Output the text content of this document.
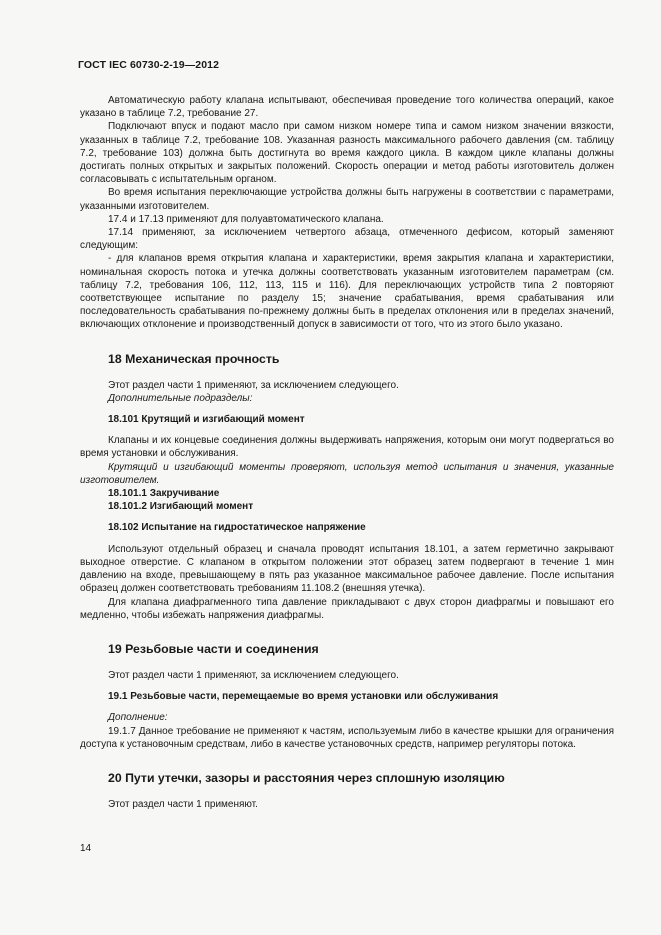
ГОСТ IEC 60730-2-19—2012

Автоматическую работу клапана испытывают, обеспечивая проведение того количества операций, какое указано в таблице 7.2, требование 27.

Подключают впуск и подают масло при самом низком номере типа и самом низком значении вязкости, указанных в таблице 7.2, требование 108. Указанная разность максимального рабочего давления (см. таблицу 7.2, требование 103) должна быть достигнута во время каждого цикла. В каждом цикле клапаны должны достигать полных открытых и закрытых положений. Скорость операции и метод работы изготовитель должен согласовывать с испытательным органом.

Во время испытания переключающие устройства должны быть нагружены в соответствии с параметрами, указанными изготовителем.

17.4 и 17.13 применяют для полуавтоматического клапана.

17.14 применяют, за исключением четвертого абзаца, отмеченного дефисом, который заменяют следующим:

- для клапанов время открытия клапана и характеристики, время закрытия клапана и характеристики, номинальная скорость потока и утечка должны соответствовать указанным изготовителем параметрам (см. таблицу 7.2, требования 106, 112, 113, 115 и 116). Для переключающих устройств типа 2 повторяют соответствующее испытание по разделу 15; значение срабатывания, время срабатывания или последовательность срабатывания по-прежнему должны быть в пределах отклонения или в пределах значений, включающих отклонение и производственный допуск в зависимости от того, что из этого было указано.

18 Механическая прочность

Этот раздел части 1 применяют, за исключением следующего.

Дополнительные подразделы:

18.101 Крутящий и изгибающий момент

Клапаны и их концевые соединения должны выдерживать напряжения, которым они могут подвергаться во время установки и обслуживания.

Крутящий и изгибающий моменты проверяют, используя метод испытания и значения, указанные изготовителем.

18.101.1 Закручивание
18.101.2 Изгибающий момент
18.102 Испытание на гидростатическое напряжение

Используют отдельный образец и сначала проводят испытания 18.101, а затем герметично закрывают выходное отверстие. С клапаном в открытом положении этот образец затем подвергают в течение 1 мин давлению на входе, превышающему в пять раз указанное максимальное рабочее давление. После испытания образец должен соответствовать требованиям 11.108.2 (внешняя утечка).

Для клапана диафрагменного типа давление прикладывают с двух сторон диафрагмы и повышают его медленно, чтобы избежать напряжения диафрагмы.

19 Резьбовые части и соединения

Этот раздел части 1 применяют, за исключением следующего.

19.1 Резьбовые части, перемещаемые во время установки или обслуживания

Дополнение:

19.1.7 Данное требование не применяют к частям, используемым либо в качестве крышки для ограничения доступа к установочным средствам, либо в качестве установочных средств, например регуляторы потока.

20 Пути утечки, зазоры и расстояния через сплошную изоляцию

Этот раздел части 1 применяют.

14
